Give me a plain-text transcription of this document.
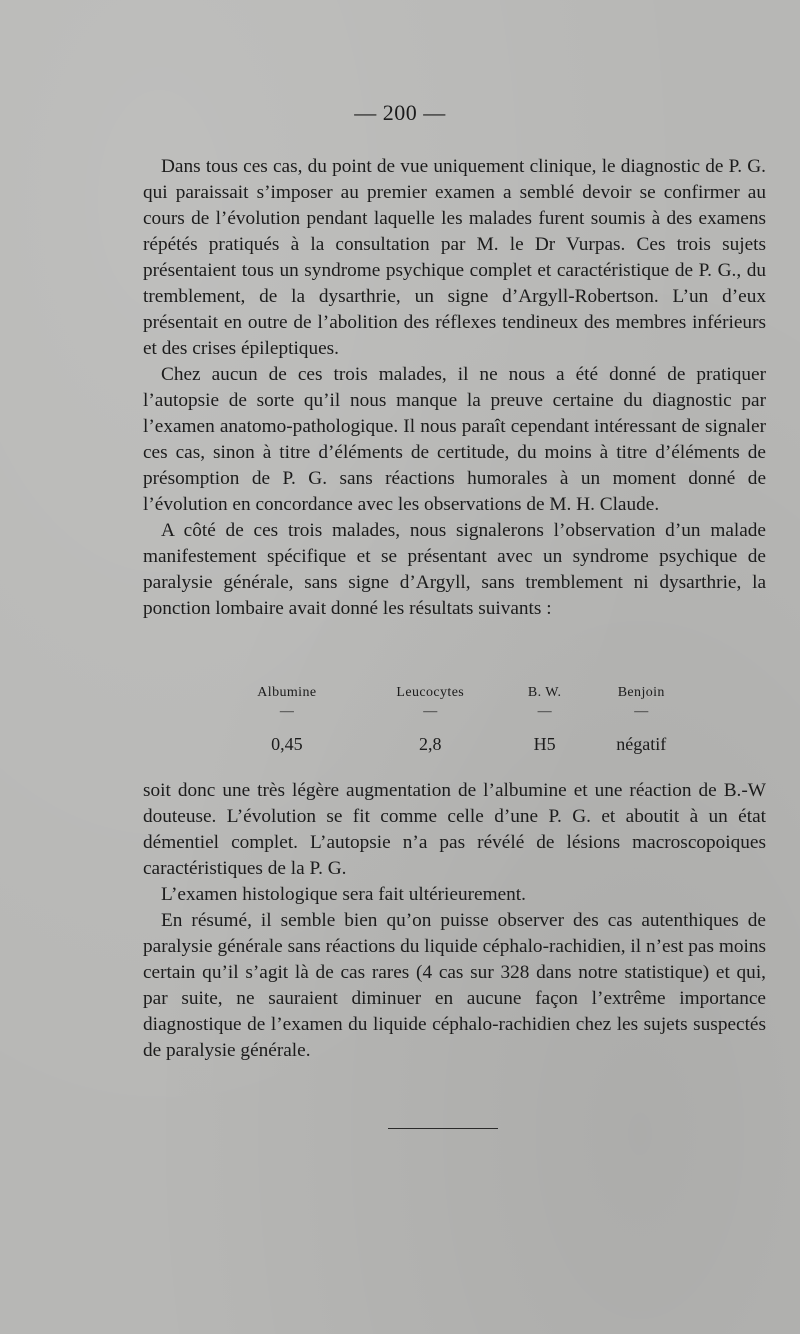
— 200 —

Dans tous ces cas, du point de vue uniquement clinique, le diagnostic de P. G. qui paraissait s’imposer au premier examen a semblé devoir se confirmer au cours de l’évolution pendant laquelle les malades furent soumis à des examens répétés pratiqués à la consultation par M. le Dr Vurpas. Ces trois sujets présentaient tous un syndrome psychique complet et caractéristique de P. G., du tremblement, de la dysarthrie, un signe d’Argyll-Robertson. L’un d’eux présentait en outre de l’abolition des réflexes tendineux des membres inférieurs et des crises épileptiques.

Chez aucun de ces trois malades, il ne nous a été donné de pratiquer l’autopsie de sorte qu’il nous manque la preuve certaine du diagnostic par l’examen anatomo-pathologique. Il nous paraît cependant intéressant de signaler ces cas, sinon à titre d’éléments de certitude, du moins à titre d’éléments de présomption de P. G. sans réactions humorales à un moment donné de l’évolution en concordance avec les observations de M. H. Claude.

A côté de ces trois malades, nous signalerons l’observation d’un malade manifestement spécifique et se présentant avec un syndrome psychique de paralysie générale, sans signe d’Argyll, sans tremblement ni dysarthrie, la ponction lombaire avait donné les résultats suivants :

Albumine	Leucocytes	B. W.	Benjoin
—	—	—	—
0,45	2,8	H5	négatif

soit donc une très légère augmentation de l’albumine et une réaction de B.-W douteuse. L’évolution se fit comme celle d’une P. G. et aboutit à un état démentiel complet. L’autopsie n’a pas révélé de lésions macroscopoiques caractéristiques de la P. G.

L’examen histologique sera fait ultérieurement.

En résumé, il semble bien qu’on puisse observer des cas autenthiques de paralysie générale sans réactions du liquide céphalo-rachidien, il n’est pas moins certain qu’il s’agit là de cas rares (4 cas sur 328 dans notre statistique) et qui, par suite, ne sauraient diminuer en aucune façon l’extrême importance diagnostique de l’examen du liquide céphalo-rachidien chez les sujets suspectés de paralysie générale.
